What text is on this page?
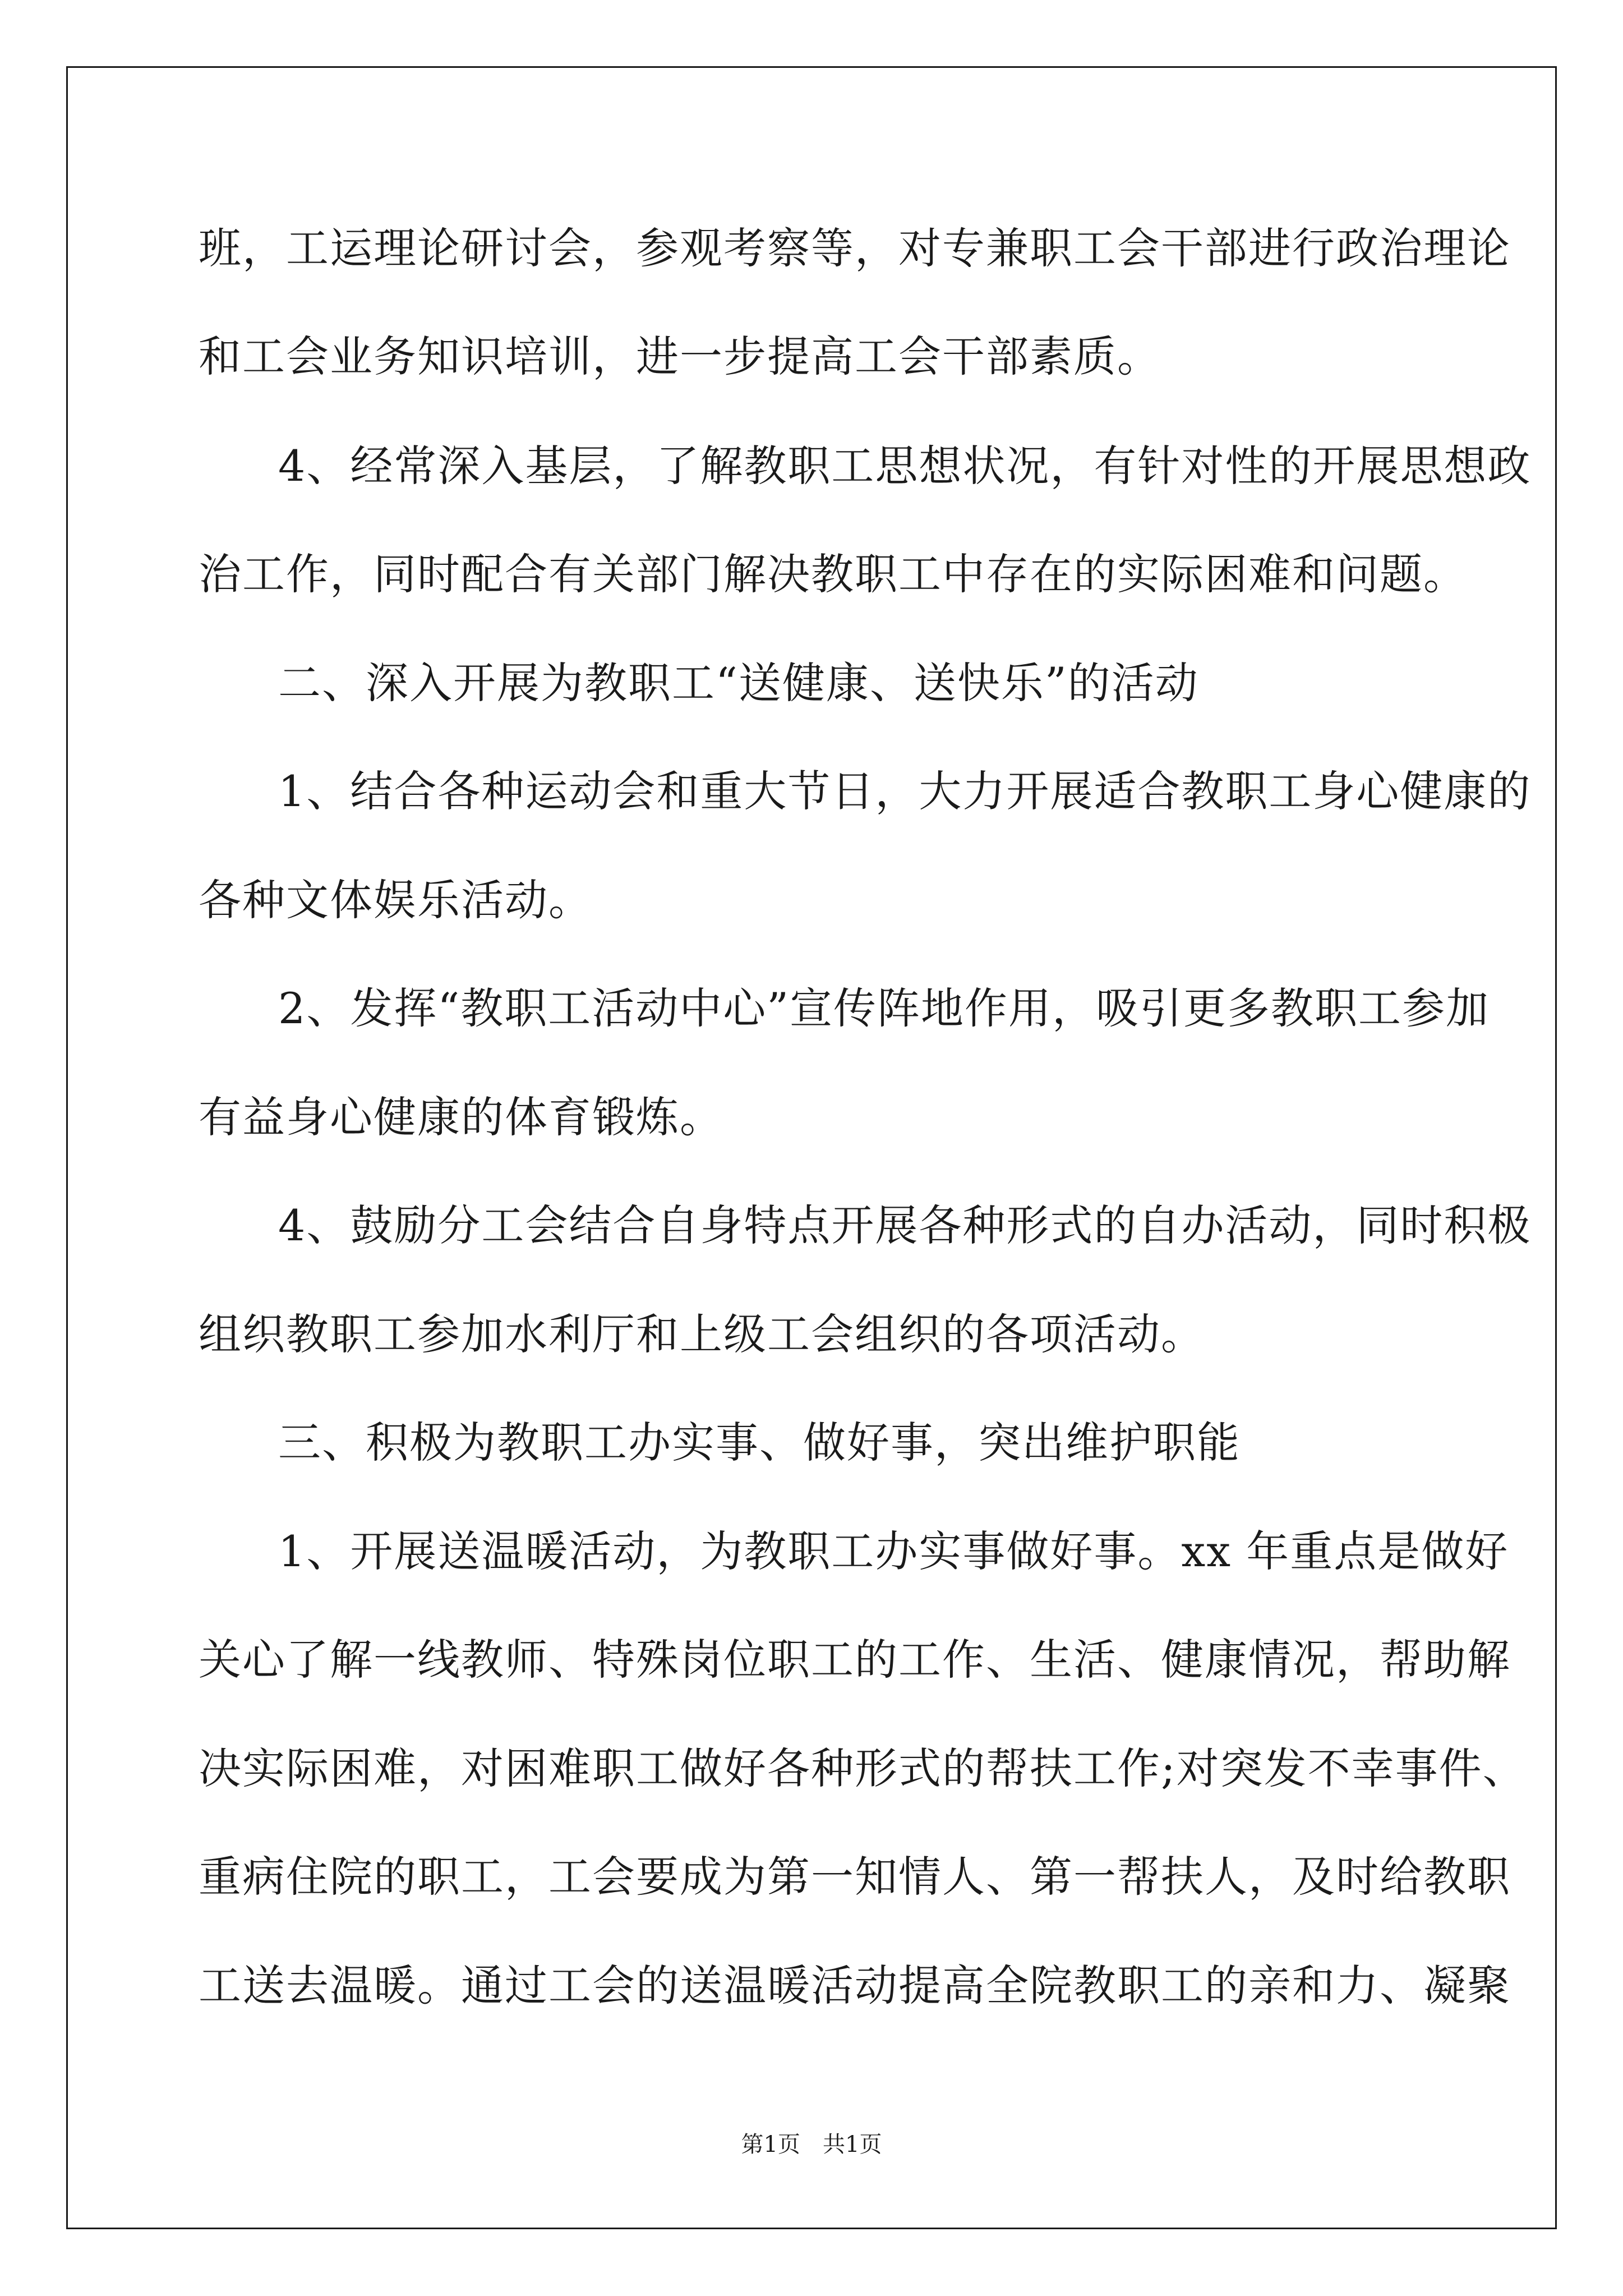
班，工运理论研讨会，参观考察等，对专兼职工会干部进行政治理论

和工会业务知识培训，进一步提高工会干部素质。

4、经常深入基层，了解教职工思想状况，有针对性的开展思想政

治工作，同时配合有关部门解决教职工中存在的实际困难和问题。

二、深入开展为教职工“送健康、送快乐”的活动

1、结合各种运动会和重大节日，大力开展适合教职工身心健康的

各种文体娱乐活动。

2、发挥“教职工活动中心”宣传阵地作用，吸引更多教职工参加

有益身心健康的体育锻炼。

4、鼓励分工会结合自身特点开展各种形式的自办活动，同时积极

组织教职工参加水利厅和上级工会组织的各项活动。

三、积极为教职工办实事、做好事，突出维护职能

1、开展送温暖活动，为教职工办实事做好事。xx 年重点是做好

关心了解一线教师、特殊岗位职工的工作、生活、健康情况，帮助解

决实际困难，对困难职工做好各种形式的帮扶工作;对突发不幸事件、

重病住院的职工，工会要成为第一知情人、第一帮扶人，及时给教职

工送去温暖。通过工会的送温暖活动提高全院教职工的亲和力、凝聚

第1页　共1页
